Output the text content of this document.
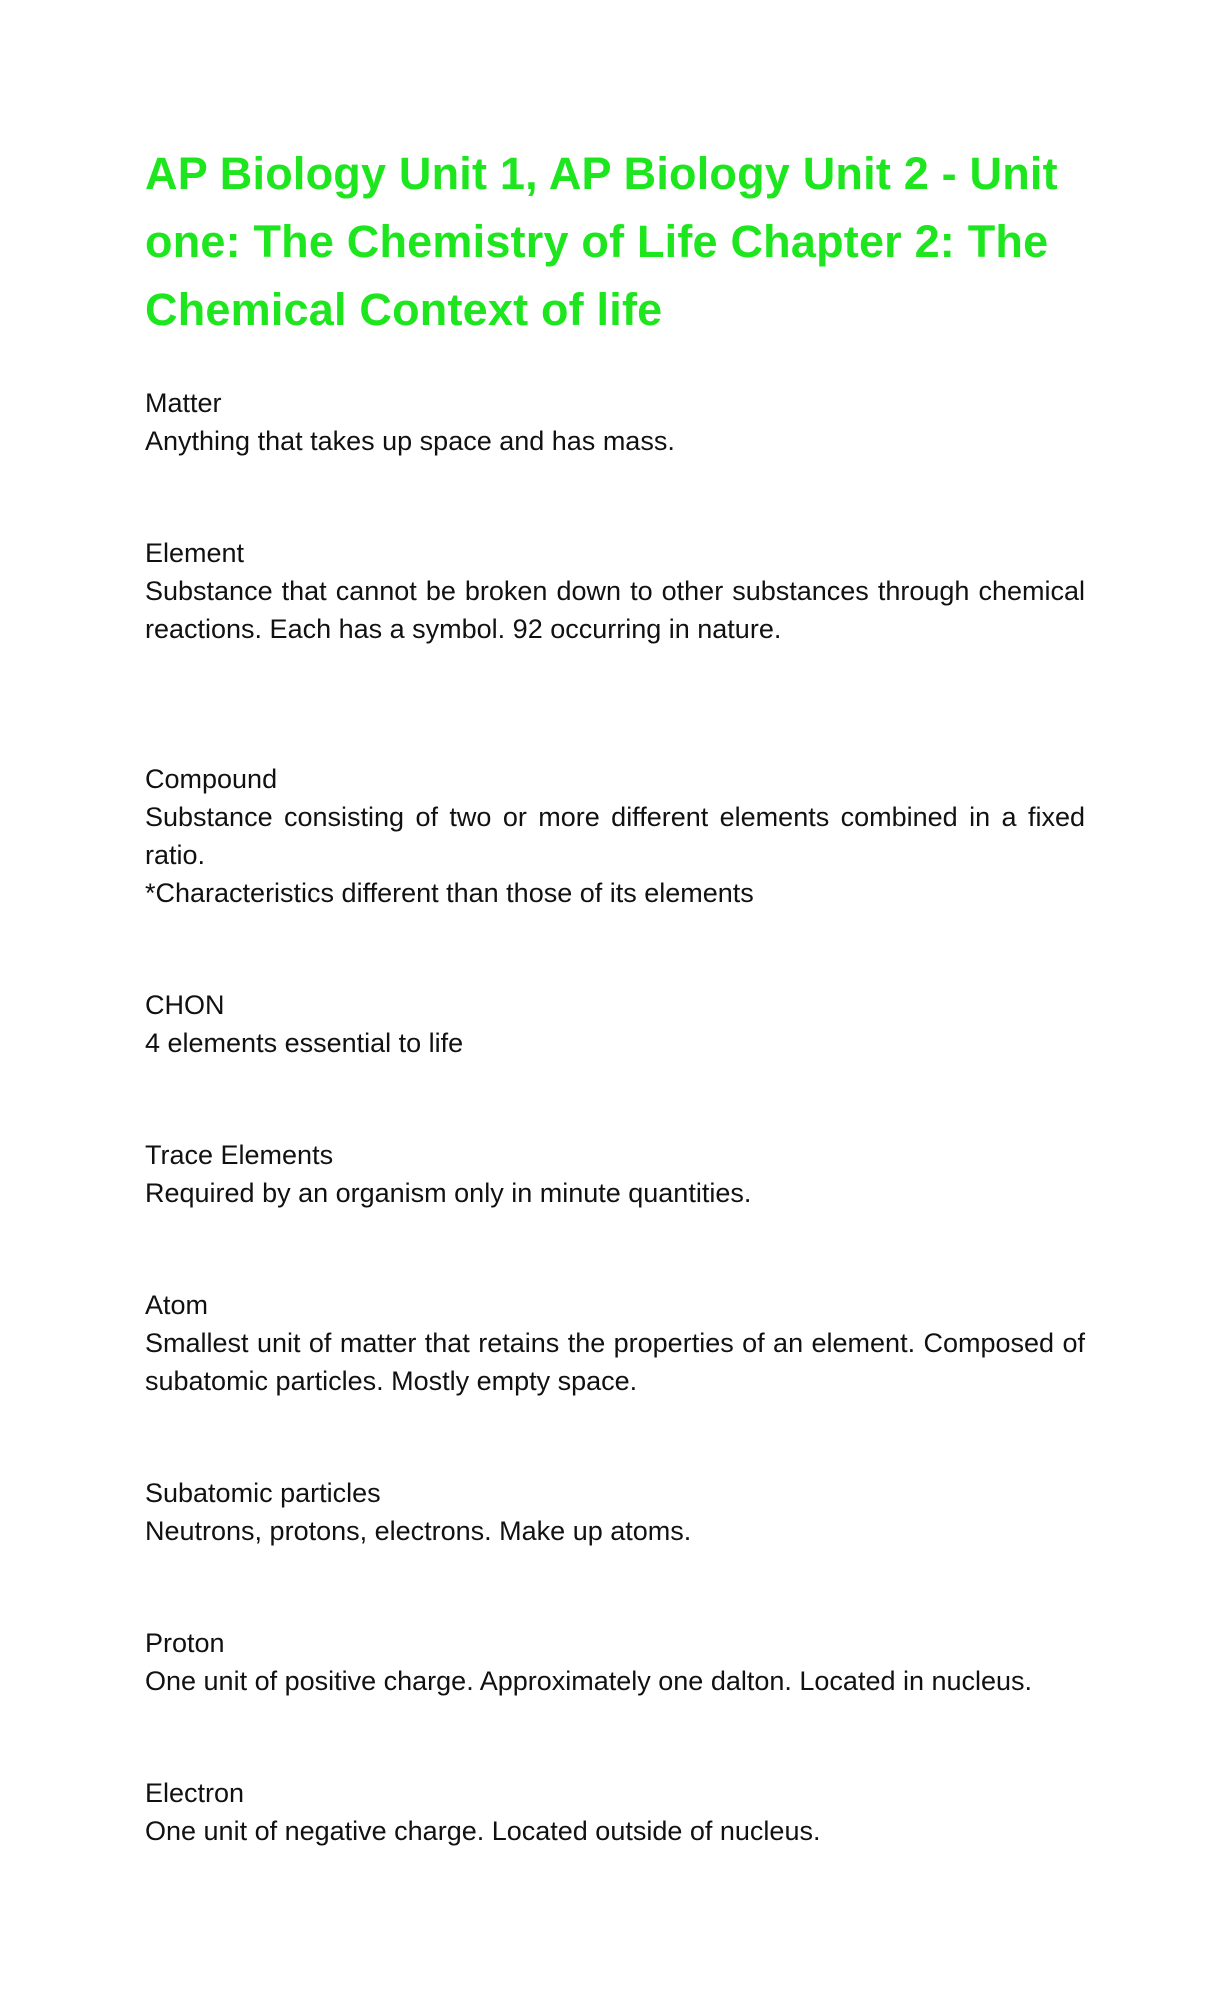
AP Biology Unit 1, AP Biology Unit 2 - Unit one: The Chemistry of Life Chapter 2: The Chemical Context of life
Matter
Anything that takes up space and has mass.
Element
Substance that cannot be broken down to other substances through chemical reactions. Each has a symbol. 92 occurring in nature.
Compound
Substance consisting of two or more different elements combined in a fixed ratio.
*Characteristics different than those of its elements
CHON
4 elements essential to life
Trace Elements
Required by an organism only in minute quantities.
Atom
Smallest unit of matter that retains the properties of an element. Composed of subatomic particles. Mostly empty space.
Subatomic particles
Neutrons, protons, electrons. Make up atoms.
Proton
One unit of positive charge. Approximately one dalton. Located in nucleus.
Electron
One unit of negative charge. Located outside of nucleus.
